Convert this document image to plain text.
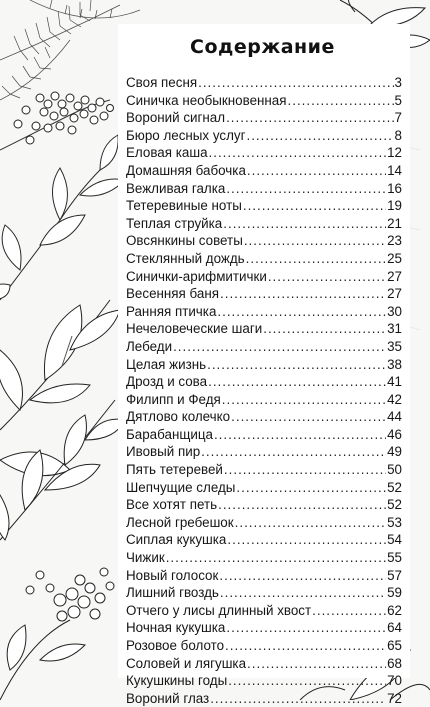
Содержание
Своя песня .....	3
Синичка необыкновенная .....	5
Вороний сигнал .....	7
Бюро лесных услуг .....	8
Еловая каша .....	12
Домашняя бабочка .....	14
Вежливая галка .....	16
Тетеревиные ноты .....	19
Теплая струйка .....	21
Овсянкины советы .....	23
Стеклянный дождь .....	25
Синички-арифмитички .....	27
Весенняя баня .....	27
Ранняя птичка .....	30
Нечеловеческие шаги .....	31
Лебеди .....	35
Целая жизнь .....	38
Дрозд и сова .....	41
Филипп и Федя .....	42
Дятлово колечко .....	44
Барабанщица .....	46
Ивовый пир .....	49
Пять тетеревей .....	50
Шепчущие следы .....	52
Все хотят петь .....	52
Лесной гребешок .....	53
Сиплая кукушка .....	54
Чижик .....	55
Новый голосок .....	57
Лишний гвоздь .....	59
Отчего у лисы длинный хвост .....	62
Ночная кукушка .....	64
Розовое болото .....	65
Соловей и лягушка .....	68
Кукушкины годы .....	70
Вороний глаз .....	72
